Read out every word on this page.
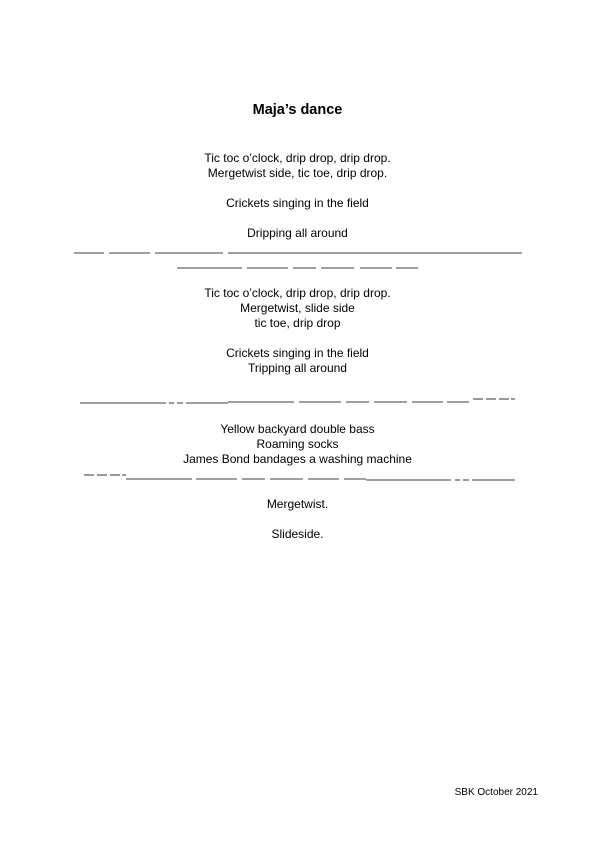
Maja’s dance
Tic toc o’clock, drip drop, drip drop.
Mergetwist side, tic toe, drip drop.
Crickets singing in the field
Dripping all around
Tic toc o’clock, drip drop, drip drop.
Mergetwist, slide side
tic toe, drip drop
Crickets singing in the field
Tripping all around
Yellow backyard double bass
Roaming socks
James Bond bandages a washing machine
Mergetwist.
Slideside.
SBK October 2021
